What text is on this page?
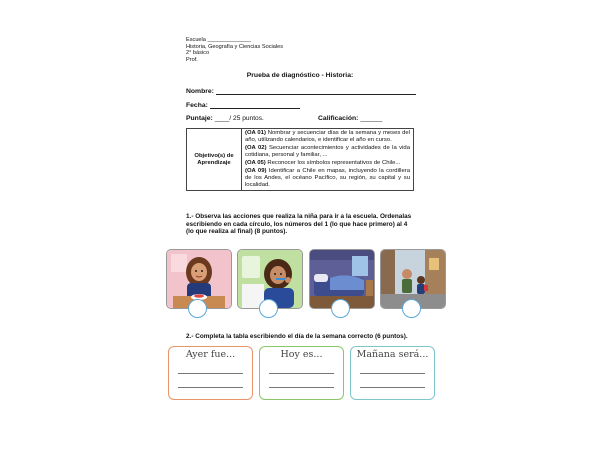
Escuela ______________
Historia, Geografía y Ciencias Sociales
2° básico
Prof.
Prueba de diagnóstico - Historia:
Nombre:
Fecha:
Puntaje: ____/ 25 puntos.	Calificación: ______
Objetivo(s) de Aprendizaje	

(OA 01) Nombrar y secuenciar días de la semana y meses del año, utilizando calendarios, e identificar el año en curso.

(OA 02) Secuenciar acontecimientos y actividades de la vida cotidiana, personal y familiar, ...

(OA 05) Reconocer los símbolos representativos de Chile...

(OA 09) Identificar a Chile en mapas, incluyendo la cordillera de los Andes, el océano Pacífico, su región, su capital y su localidad.

1.- Observa las acciones que realiza la niña para ir a la escuela. Ordenalas escribiendo en cada círculo, los números del 1 (lo que hace primero) al 4 (lo que realiza al final) (8 puntos).
2.- Completa la tabla escribiendo el día de la semana correcto (6 puntos).
Ayer fue...	Hoy es...	Mañana será...
